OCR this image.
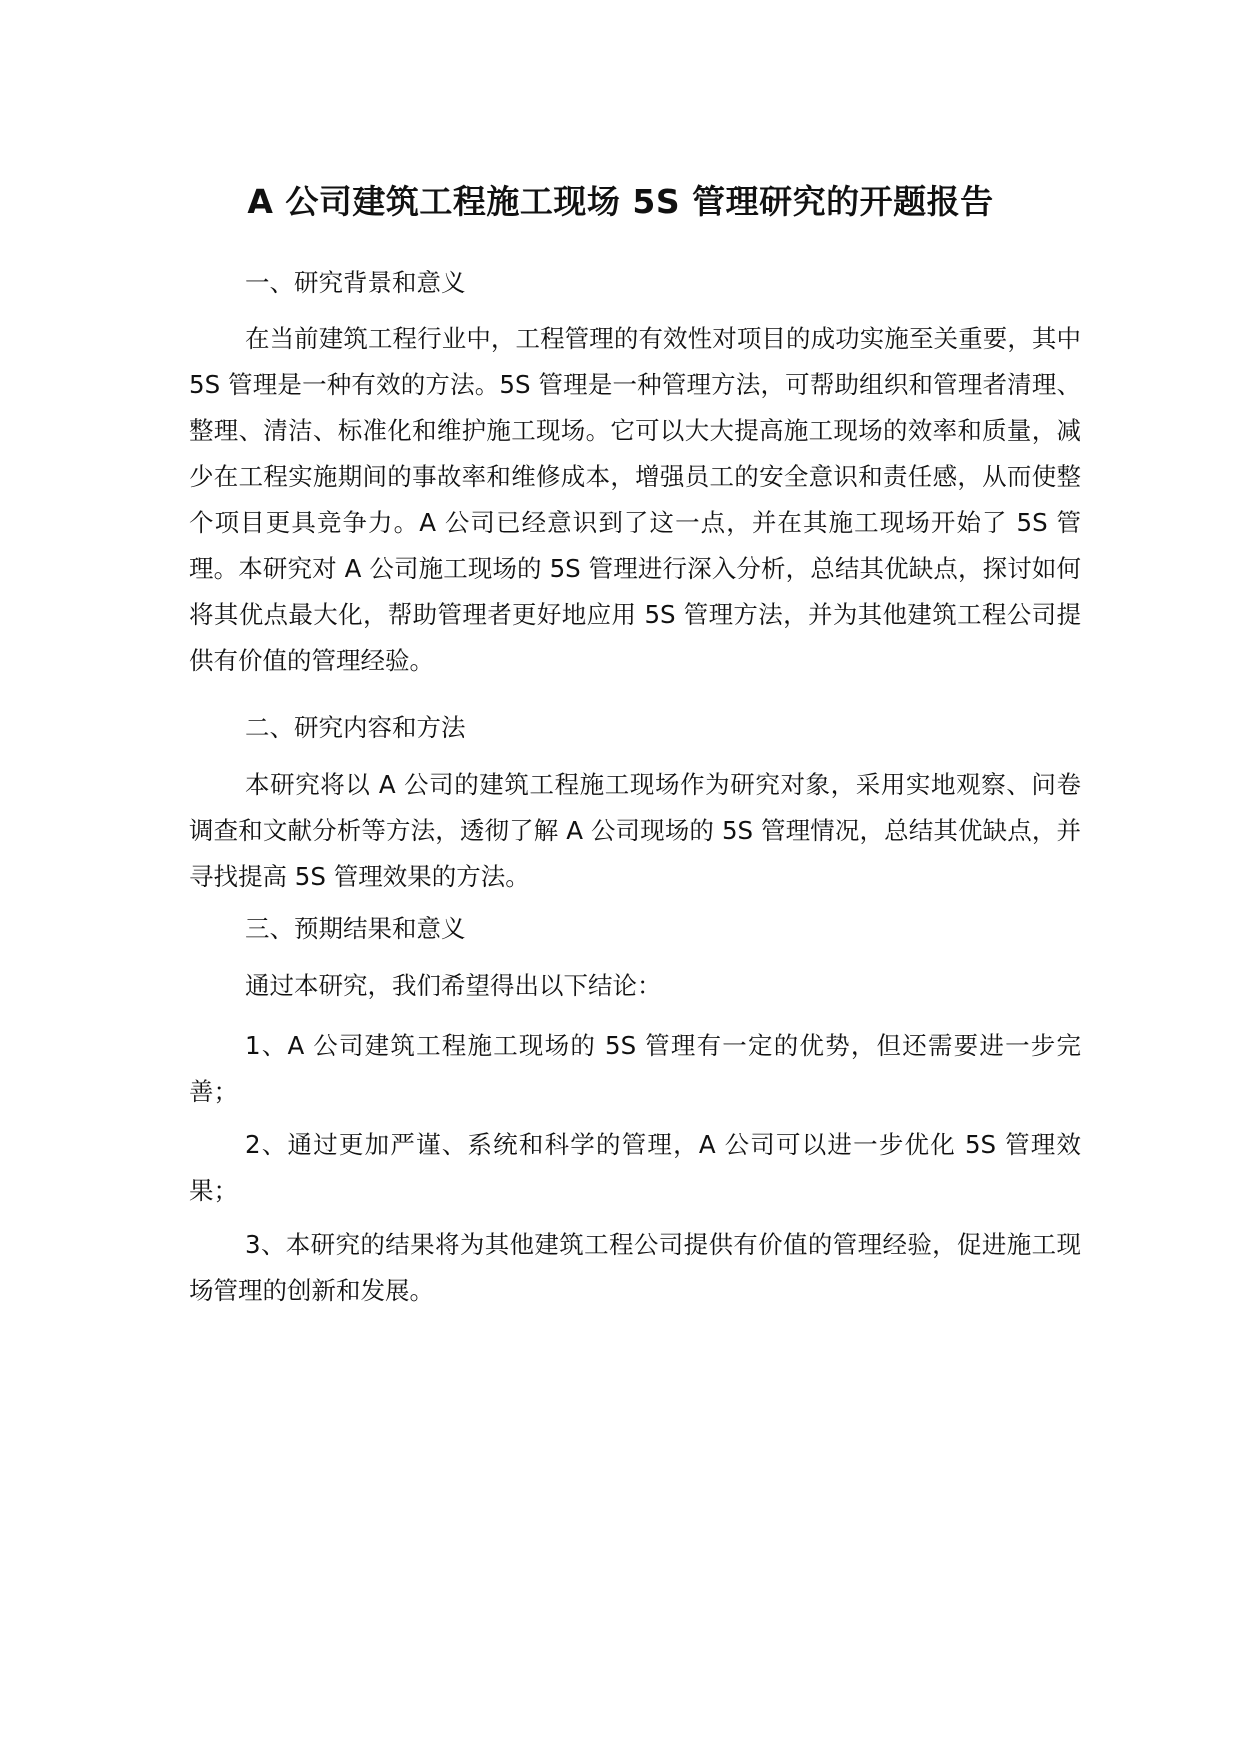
A 公司建筑工程施工现场 5S 管理研究的开题报告
一、研究背景和意义

在当前建筑工程行业中，工程管理的有效性对项目的成功实施至关重要，其中 5S 管理是一种有效的方法。5S 管理是一种管理方法，可帮助组织和管理者清理、整理、清洁、标准化和维护施工现场。它可以大大提高施工现场的效率和质量，减少在工程实施期间的事故率和维修成本，增强员工的安全意识和责任感，从而使整个项目更具竞争力。A 公司已经意识到了这一点，并在其施工现场开始了 5S 管理。本研究对 A 公司施工现场的 5S 管理进行深入分析，总结其优缺点，探讨如何将其优点最大化，帮助管理者更好地应用 5S 管理方法，并为其他建筑工程公司提供有价值的管理经验。

二、研究内容和方法

本研究将以 A 公司的建筑工程施工现场作为研究对象，采用实地观察、问卷调查和文献分析等方法，透彻了解 A 公司现场的 5S 管理情况，总结其优缺点，并寻找提高 5S 管理效果的方法。

三、预期结果和意义

通过本研究，我们希望得出以下结论：

1、A 公司建筑工程施工现场的 5S 管理有一定的优势，但还需要进一步完善；

2、通过更加严谨、系统和科学的管理，A 公司可以进一步优化 5S 管理效果；

3、本研究的结果将为其他建筑工程公司提供有价值的管理经验，促进施工现场管理的创新和发展。
